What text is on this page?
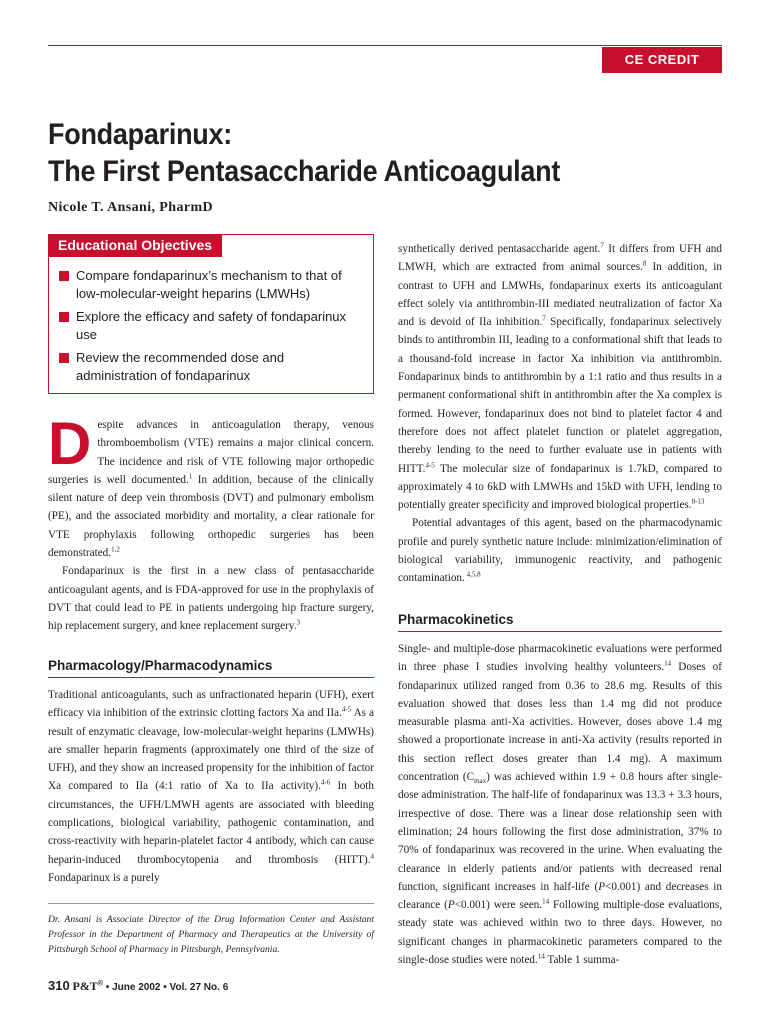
CE CREDIT
Fondaparinux:
The First Pentasaccharide Anticoagulant
Nicole T. Ansani, PharmD
Educational Objectives
Compare fondaparinux’s mechanism to that of low-molecular-weight heparins (LMWHs)
Explore the efficacy and safety of fondaparinux use
Review the recommended dose and administration of fondaparinux

Despite advances in anticoagulation therapy, venous thromboembolism (VTE) remains a major clinical concern. The incidence and risk of VTE following major orthopedic surgeries is well documented.$^1$ In addition, because of the clinically silent nature of deep vein thrombosis (DVT) and pulmonary embolism (PE), and the associated morbidity and mortality, a clear rationale for VTE prophylaxis following orthopedic surgeries has been demonstrated.$^{1,2}$

Fondaparinux is the first in a new class of pentasaccharide anticoagulant agents, and is FDA-approved for use in the prophylaxis of DVT that could lead to PE in patients undergoing hip fracture surgery, hip replacement surgery, and knee replacement surgery.$^3$

Pharmacology/Pharmacodynamics

Traditional anticoagulants, such as unfractionated heparin (UFH), exert efficacy via inhibition of the extrinsic clotting factors Xa and IIa.$^{4-5}$ As a result of enzymatic cleavage, low-molecular-weight heparins (LMWHs) are smaller heparin fragments (approximately one third of the size of UFH), and they show an increased propensity for the inhibition of factor Xa compared to IIa (4:1 ratio of Xa to IIa activity).$^{4-6}$ In both circumstances, the UFH/LMWH agents are associated with bleeding complications, biological variability, pathogenic contamination, and cross-reactivity with heparin-platelet factor 4 antibody, which can cause heparin-induced thrombocytopenia and thrombosis (HITT).$^4$ Fondaparinux is a purely

Dr. Ansani is Associate Director of the Drug Information Center and Assistant Professor in the Department of Pharmacy and Therapeutics at the University of Pittsburgh School of Pharmacy in Pittsburgh, Pennsylvania.

synthetically derived pentasaccharide agent.$^7$ It differs from UFH and LMWH, which are extracted from animal sources.$^8$ In addition, in contrast to UFH and LMWHs, fondaparinux exerts its anticoagulant effect solely via antithrombin-III mediated neutralization of factor Xa and is devoid of IIa inhibition.$^7$ Specifically, fondaparinux selectively binds to antithrombin III, leading to a conformational shift that leads to a thousand-fold increase in factor Xa inhibition via antithrombin. Fondaparinux binds to antithrombin by a 1:1 ratio and thus results in a permanent conformational shift in antithrombin after the Xa complex is formed. However, fondaparinux does not bind to platelet factor 4 and therefore does not affect platelet function or platelet aggregation, thereby lending to the need to further evaluate use in patients with HITT.$^{4-5}$ The molecular size of fondaparinux is 1.7kD, compared to approximately 4 to 6kD with LMWHs and 15kD with UFH, lending to potentially greater specificity and improved biological properties.$^{8-13}$

Potential advantages of this agent, based on the pharmacodynamic profile and purely synthetic nature include: minimization/elimination of biological variability, immunogenic reactivity, and pathogenic contamination. $^{4,5,8}$

Pharmacokinetics

Single- and multiple-dose pharmacokinetic evaluations were performed in three phase I studies involving healthy volunteers.$^{14}$ Doses of fondaparinux utilized ranged from 0.36 to 28.6 mg. Results of this evaluation showed that doses less than 1.4 mg did not produce measurable plasma anti-Xa activities. However, doses above 1.4 mg showed a proportionate increase in anti-Xa activity (results reported in this section reflect doses greater than 1.4 mg). A maximum concentration $(C_{max})$ was achieved within 1.9 + 0.8 hours after single-dose administration. The half-life of fondaparinux was 13.3 + 3.3 hours, irrespective of dose. There was a linear dose relationship seen with elimination; 24 hours following the first dose administration, 37% to 70% of fondaparinux was recovered in the urine. When evaluating the clearance in elderly patients and/or patients with decreased renal function, significant increases in half-life (P<0.001) and decreases in clearance (P<0.001) were seen.$^{14}$ Following multiple-dose evaluations, steady state was achieved within two to three days. However, no significant changes in pharmacokinetic parameters compared to the single-dose studies were noted.$^{14}$ Table 1 summa-

310 P&T® • June 2002 • Vol. 27 No. 6
